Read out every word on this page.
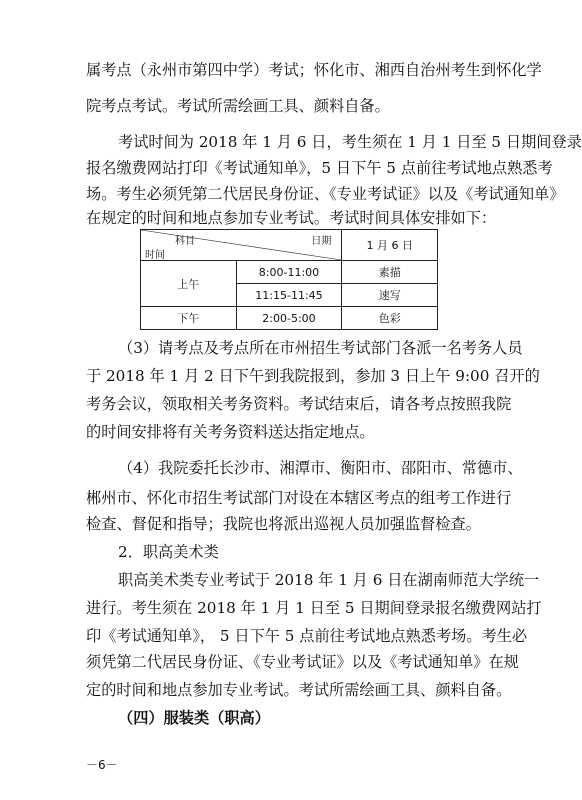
属考点（永州市第四中学）考试；怀化市、湘西自治州考生到怀化学
院考点考试。考试所需绘画工具、颜料自备。
考试时间为 2018 年 1 月 6 日，考生须在 1 月 1 日至 5 日期间登录
报名缴费网站打印《考试通知单》，5 日下午 5 点前往考试地点熟悉考
场。考生必须凭第二代居民身份证、《专业考试证》以及《考试通知单》
在规定的时间和地点参加专业考试。考试时间具体安排如下：
科目 日期
时间		1 月 6 日
上午	8:00-11:00	素描
	11:15-11:45	速写
下午	2:00-5:00	色彩
（3）请考点及考点所在市州招生考试部门各派一名考务人员
于 2018 年 1 月 2 日下午到我院报到，参加 3 日上午 9:00 召开的
考务会议，领取相关考务资料。考试结束后，请各考点按照我院
的时间安排将有关考务资料送达指定地点。
（4）我院委托长沙市、湘潭市、衡阳市、邵阳市、常德市、
郴州市、怀化市招生考试部门对设在本辖区考点的组考工作进行
检查、督促和指导；我院也将派出巡视人员加强监督检查。
2．职高美术类
职高美术类专业考试于 2018 年 1 月 6 日在湖南师范大学统一
进行。考生须在 2018 年 1 月 1 日至 5 日期间登录报名缴费网站打
印《考试通知单》， 5 日下午 5 点前往考试地点熟悉考场。考生必
须凭第二代居民身份证、《专业考试证》以及《考试通知单》在规
定的时间和地点参加专业考试。考试所需绘画工具、颜料自备。
（四）服装类（职高）
－6－
